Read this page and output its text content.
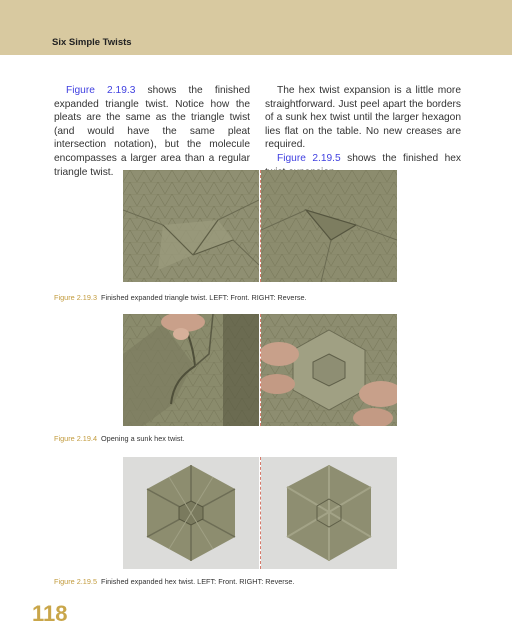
Six Simple Twists

Figure 2.19.3 shows the finished expanded triangle twist. Notice how the pleats are the same as the triangle twist (and would have the same pleat intersection notation), but the molecule encompasses a larger area than a regular triangle twist.

The hex twist expansion is a little more straightforward. Just peel apart the borders of a sunk hex twist until the larger hexagon lies flat on the table. No new creases are required.

Figure 2.19.5 shows the finished hex

Figure 2.19.3 Finished expanded triangle twist. LEFT: Front. RIGHT: Reverse.
Figure 2.19.4 Opening a sunk hex twist.
Figure 2.19.5 Finished expanded hex twist. LEFT: Front. RIGHT: Reverse.
118
